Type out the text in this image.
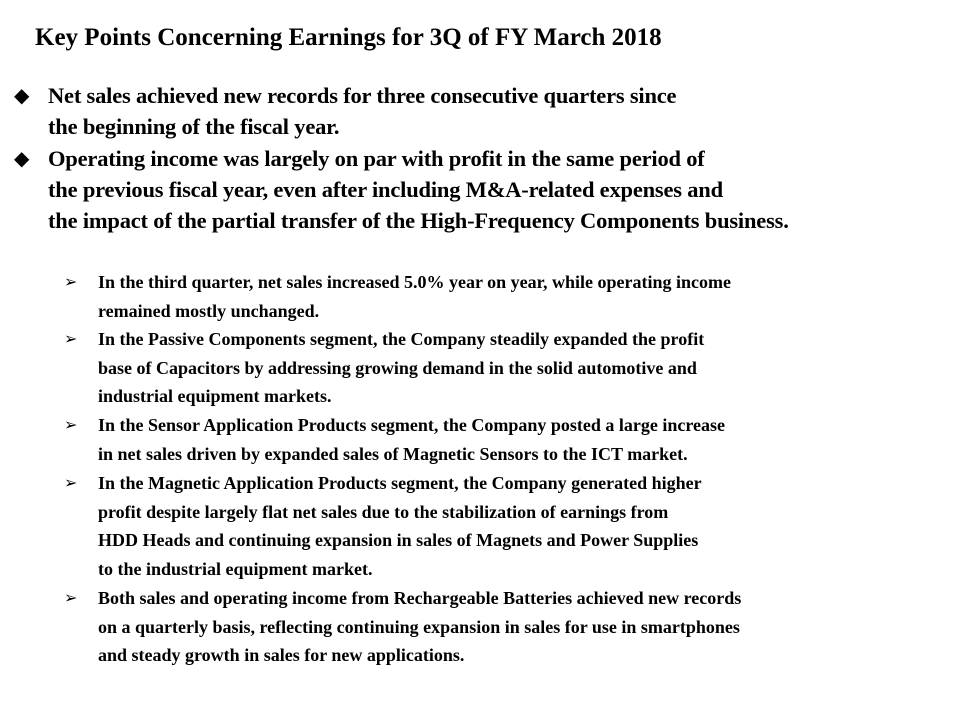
Key Points Concerning Earnings for 3Q of FY March 2018
◆ Net sales achieved new records for three consecutive quarters since
the beginning of the fiscal year.
◆ Operating income was largely on par with profit in the same period of
the previous fiscal year, even after including M&A-related expenses and
the impact of the partial transfer of the High-Frequency Components business.
➢ In the third quarter, net sales increased 5.0% year on year, while operating income
remained mostly unchanged.
➢ In the Passive Components segment, the Company steadily expanded the profit
base of Capacitors by addressing growing demand in the solid automotive and
industrial equipment markets.
➢ In the Sensor Application Products segment, the Company posted a large increase
in net sales driven by expanded sales of Magnetic Sensors to the ICT market.
➢ In the Magnetic Application Products segment, the Company generated higher
profit despite largely flat net sales due to the stabilization of earnings from
HDD Heads and continuing expansion in sales of Magnets and Power Supplies
to the industrial equipment market.
➢ Both sales and operating income from Rechargeable Batteries achieved new records
on a quarterly basis, reflecting continuing expansion in sales for use in smartphones
and steady growth in sales for new applications.
